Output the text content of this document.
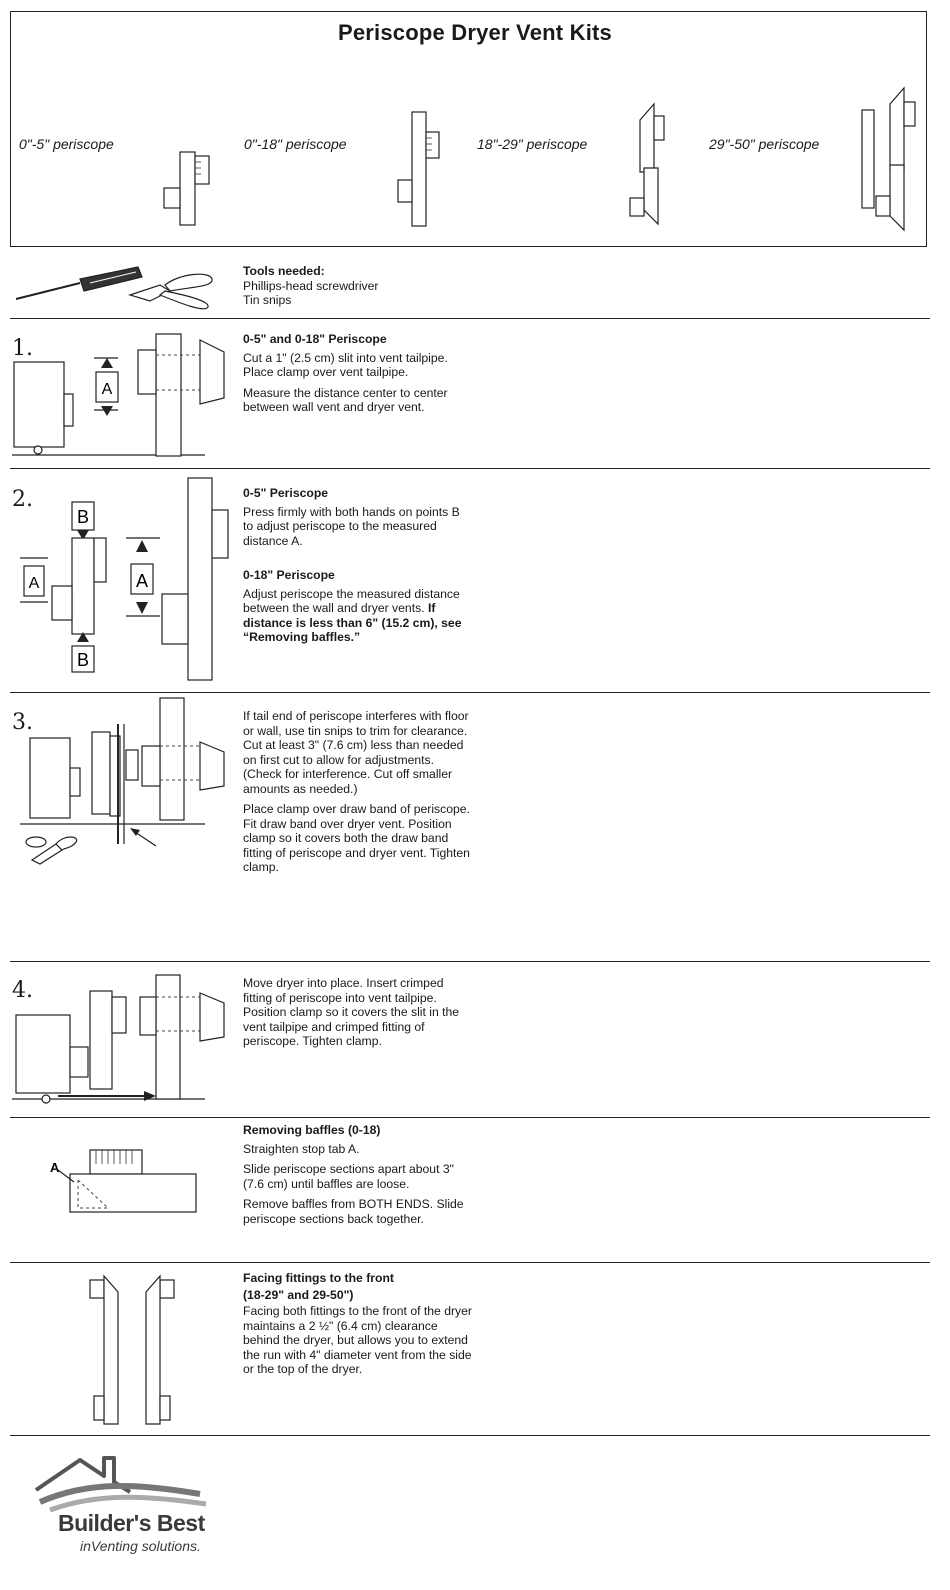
Periscope Dryer Vent Kits
0"-5" periscope	0"-18" periscope	18"-29" periscope	29"-50" periscope
Tools needed:
Phillips-head screwdriver
Tin snips
1.
A

0-5" and 0-18" Periscope

Cut a 1" (2.5 cm) slit into vent tailpipe. Place clamp over vent tailpipe.

Measure the distance center to center between wall vent and dryer vent.

2.
B
B
A	A

0-5" Periscope

Press firmly with both hands on points B to adjust periscope to the measured distance A.

0-18" Periscope

Adjust periscope the measured distance between the wall and dryer vents. If distance is less than 6" (15.2 cm), see “Removing baffles.”

3.	If tail end of periscope interferes with floor or wall, use tin snips to trim for clearance. Cut at least 3" (7.6 cm) less than needed on first cut to allow for adjustments. (Check for interference. Cut off smaller amounts as needed.)

Place clamp over draw band of periscope. Fit draw band over dryer vent. Position clamp so it covers both the draw band fitting of periscope and dryer vent. Tighten clamp.

4.	Move dryer into place. Insert crimped fitting of periscope into vent tailpipe. Position clamp so it covers the slit in the vent tailpipe and crimped fitting of periscope. Tighten clamp.

A

Removing baffles (0-18)

Straighten stop tab A.

Slide periscope sections apart about 3" (7.6 cm) until baffles are loose.

Remove baffles from BOTH ENDS. Slide periscope sections back together.

Facing fittings to the front

(18-29" and 29-50")

Facing both fittings to the front of the dryer maintains a 2 ½" (6.4 cm) clearance behind the dryer, but allows you to extend the run with 4" diameter vent from the side or the top of the dryer.

Builder's Best
inVenting solutions.
